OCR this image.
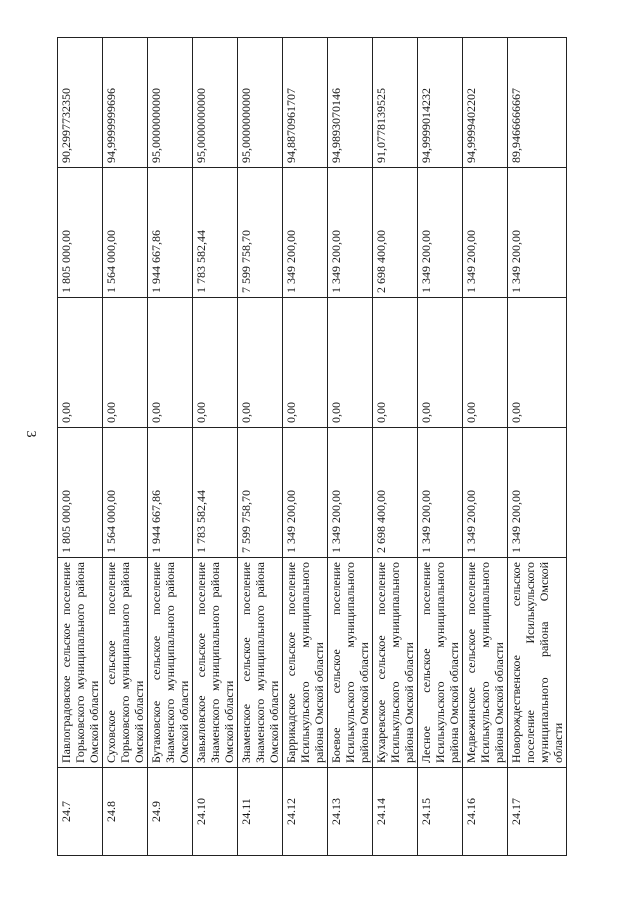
3
24.7	Павлоградовское сельское поселение Горьковского муниципального района Омской области	1 805 000,00	0,00	1 805 000,00	90,2997732350
24.8	Суховское сельское поселение Горьковского муниципального района Омской области	1 564 000,00	0,00	1 564 000,00	94,9999999696
24.9	Бутаковское сельское поселение Знаменского муниципального района Омской области	1 944 667,86	0,00	1 944 667,86	95,0000000000
24.10	Завьяловское сельское поселение Знаменского муниципального района Омской области	1 783 582,44	0,00	1 783 582,44	95,0000000000
24.11	Знаменское сельское поселение Знаменского муниципального района Омской области	7 599 758,70	0,00	7 599 758,70	95,0000000000
24.12	Баррикадское сельское поселение Исилькульского муниципального района Омской области	1 349 200,00	0,00	1 349 200,00	94,8870961707
24.13	Боевое сельское поселение Исилькульского муниципального района Омской области	1 349 200,00	0,00	1 349 200,00	94,9893070146
24.14	Кухаревское сельское поселение Исилькульского муниципального района Омской области	2 698 400,00	0,00	2 698 400,00	91,0778139525
24.15	Лесное сельское поселение Исилькульского муниципального района Омской области	1 349 200,00	0,00	1 349 200,00	94,9999014232
24.16	Медвежинское сельское поселение Исилькульского муниципального района Омской области	1 349 200,00	0,00	1 349 200,00	94,9999402202
24.17	Новорождественское сельское поселение Исилькульского муниципального района Омской области	1 349 200,00	0,00	1 349 200,00	89,9466666667
